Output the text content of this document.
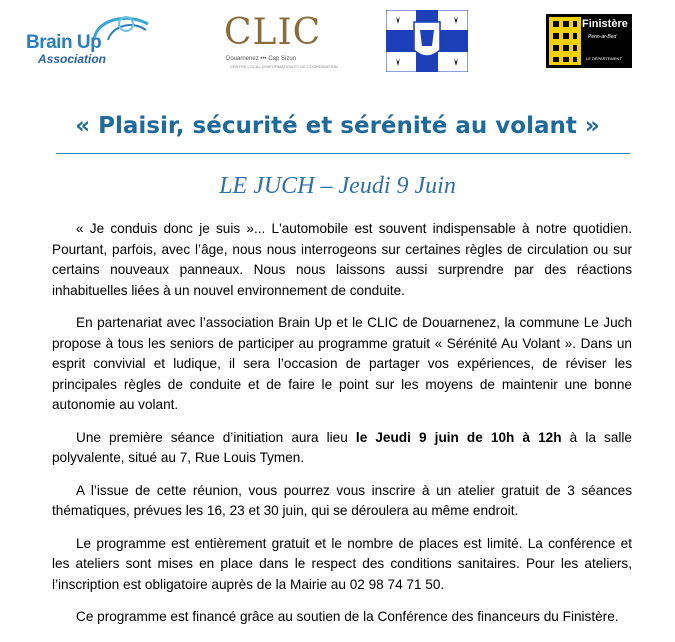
Brain Up
Association
CLIC
Douarnenez ••• Cap Sizun
CENTRE LOCAL D'INFORMATION ET DE COORDINATION
Finistère
Penn-ar-Bed
LE DÉPARTEMENT
« Plaisir, sécurité et sérénité au volant »
LE JUCH – Jeudi 9 Juin

« Je conduis donc je suis »... L'automobile est souvent indispensable à notre quotidien. Pourtant, parfois, avec l’âge, nous nous interrogeons sur certaines règles de circulation ou sur certains nouveaux panneaux. Nous nous laissons aussi surprendre par des réactions inhabituelles liées à un nouvel environnement de conduite.

En partenariat avec l’association Brain Up et le CLIC de Douarnenez, la commune Le Juch propose à tous les seniors de participer au programme gratuit « Sérénité Au Volant ». Dans un esprit convivial et ludique, il sera l’occasion de partager vos expériences, de réviser les principales règles de conduite et de faire le point sur les moyens de maintenir une bonne autonomie au volant.

Une première séance d’initiation aura lieu le Jeudi 9 juin de 10h à 12h à la salle polyvalente, situé au 7, Rue Louis Tymen.

A l’issue de cette réunion, vous pourrez vous inscrire à un atelier gratuit de 3 séances thématiques, prévues les 16, 23 et 30 juin, qui se déroulera au même endroit.

Le programme est entièrement gratuit et le nombre de places est limité. La conférence et les ateliers sont mises en place dans le respect des conditions sanitaires. Pour les ateliers, l’inscription est obligatoire auprès de la Mairie au 02 98 74 71 50.

Ce programme est financé grâce au soutien de la Conférence des financeurs du Finistère.
